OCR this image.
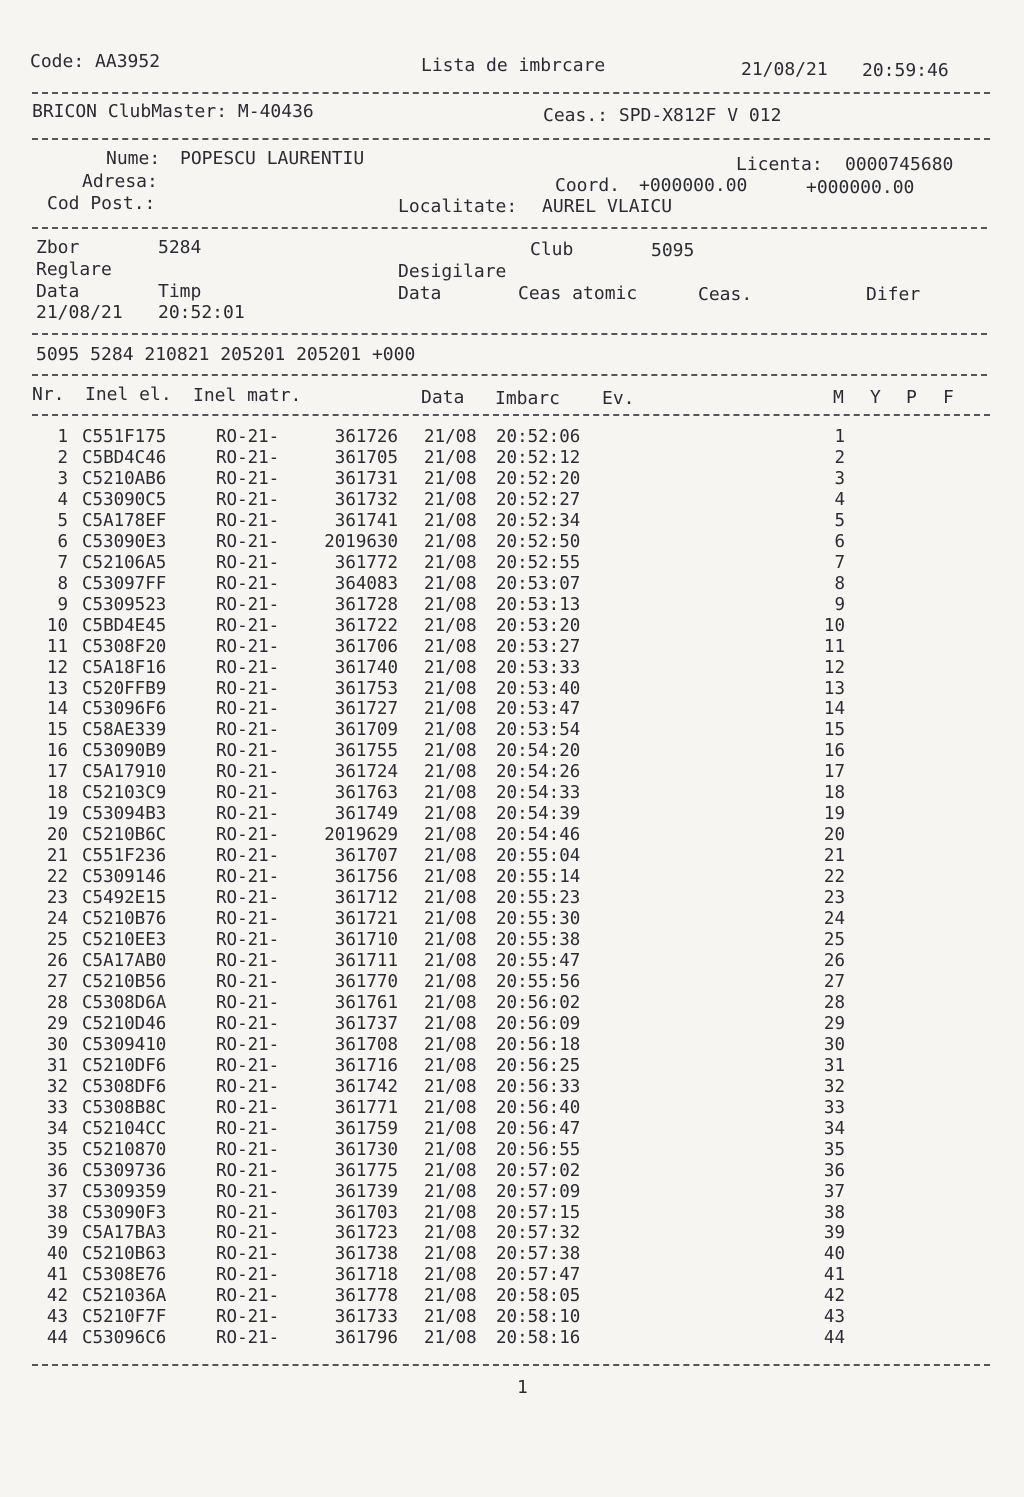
Code: AA3952	Lista de imbrcare	21/08/21 20:59:46
BRICON ClubMaster: M-40436	Ceas.: SPD-X812F V 012
Nume: POPESCU LAURENTIU	Licenta: 0000745680
Adresa:	Coord. +000000.00	+000000.00
Cod Post.:	Localitate: AUREL VLAICU
Zbor	5284	Club	5095
Reglare	Desigilare
Data	Timp	Data	Ceas atomic	Ceas.	Difer
21/08/21 20:52:01
5095 5284 210821 205201 205201 +000
Nr. Inel el. Inel matr.	Data Imbarc Ev.	M Y P F
1 C551F175	RO-21-	361726 21/08 20:52:06	1
2 C5BD4C46	RO-21-	361705 21/08 20:52:12	2
3 C5210AB6	RO-21-	361731 21/08 20:52:20	3
4 C53090C5	RO-21-	361732 21/08 20:52:27	4
5 C5A178EF	RO-21-	361741 21/08 20:52:34	5
6 C53090E3	RO-21-	2019630 21/08 20:52:50	6
7 C52106A5	RO-21-	361772 21/08 20:52:55	7
8 C53097FF	RO-21-	364083 21/08 20:53:07	8
9 C5309523	RO-21-	361728 21/08 20:53:13	9
10 C5BD4E45	RO-21-	361722 21/08 20:53:20	10
11 C5308F20	RO-21-	361706 21/08 20:53:27	11
12 C5A18F16	RO-21-	361740 21/08 20:53:33	12
13 C520FFB9	RO-21-	361753 21/08 20:53:40	13
14 C53096F6	RO-21-	361727 21/08 20:53:47	14
15 C58AE339	RO-21-	361709 21/08 20:53:54	15
16 C53090B9	RO-21-	361755 21/08 20:54:20	16
17 C5A17910	RO-21-	361724 21/08 20:54:26	17
18 C52103C9	RO-21-	361763 21/08 20:54:33	18
19 C53094B3	RO-21-	361749 21/08 20:54:39	19
20 C5210B6C	RO-21-	2019629 21/08 20:54:46	20
21 C551F236	RO-21-	361707 21/08 20:55:04	21
22 C5309146	RO-21-	361756 21/08 20:55:14	22
23 C5492E15	RO-21-	361712 21/08 20:55:23	23
24 C5210B76	RO-21-	361721 21/08 20:55:30	24
25 C5210EE3	RO-21-	361710 21/08 20:55:38	25
26 C5A17AB0	RO-21-	361711 21/08 20:55:47	26
27 C5210B56	RO-21-	361770 21/08 20:55:56	27
28 C5308D6A	RO-21-	361761 21/08 20:56:02	28
29 C5210D46	RO-21-	361737 21/08 20:56:09	29
30 C5309410	RO-21-	361708 21/08 20:56:18	30
31 C5210DF6	RO-21-	361716 21/08 20:56:25	31
32 C5308DF6	RO-21-	361742 21/08 20:56:33	32
33 C5308B8C	RO-21-	361771 21/08 20:56:40	33
34 C52104CC	RO-21-	361759 21/08 20:56:47	34
35 C5210870	RO-21-	361730 21/08 20:56:55	35
36 C5309736	RO-21-	361775 21/08 20:57:02	36
37 C5309359	RO-21-	361739 21/08 20:57:09	37
38 C53090F3	RO-21-	361703 21/08 20:57:15	38
39 C5A17BA3	RO-21-	361723 21/08 20:57:32	39
40 C5210B63	RO-21-	361738 21/08 20:57:38	40
41 C5308E76	RO-21-	361718 21/08 20:57:47	41
42 C521036A	RO-21-	361778 21/08 20:58:05	42
43 C5210F7F	RO-21-	361733 21/08 20:58:10	43
44 C53096C6	RO-21-	361796 21/08 20:58:16	44
1
